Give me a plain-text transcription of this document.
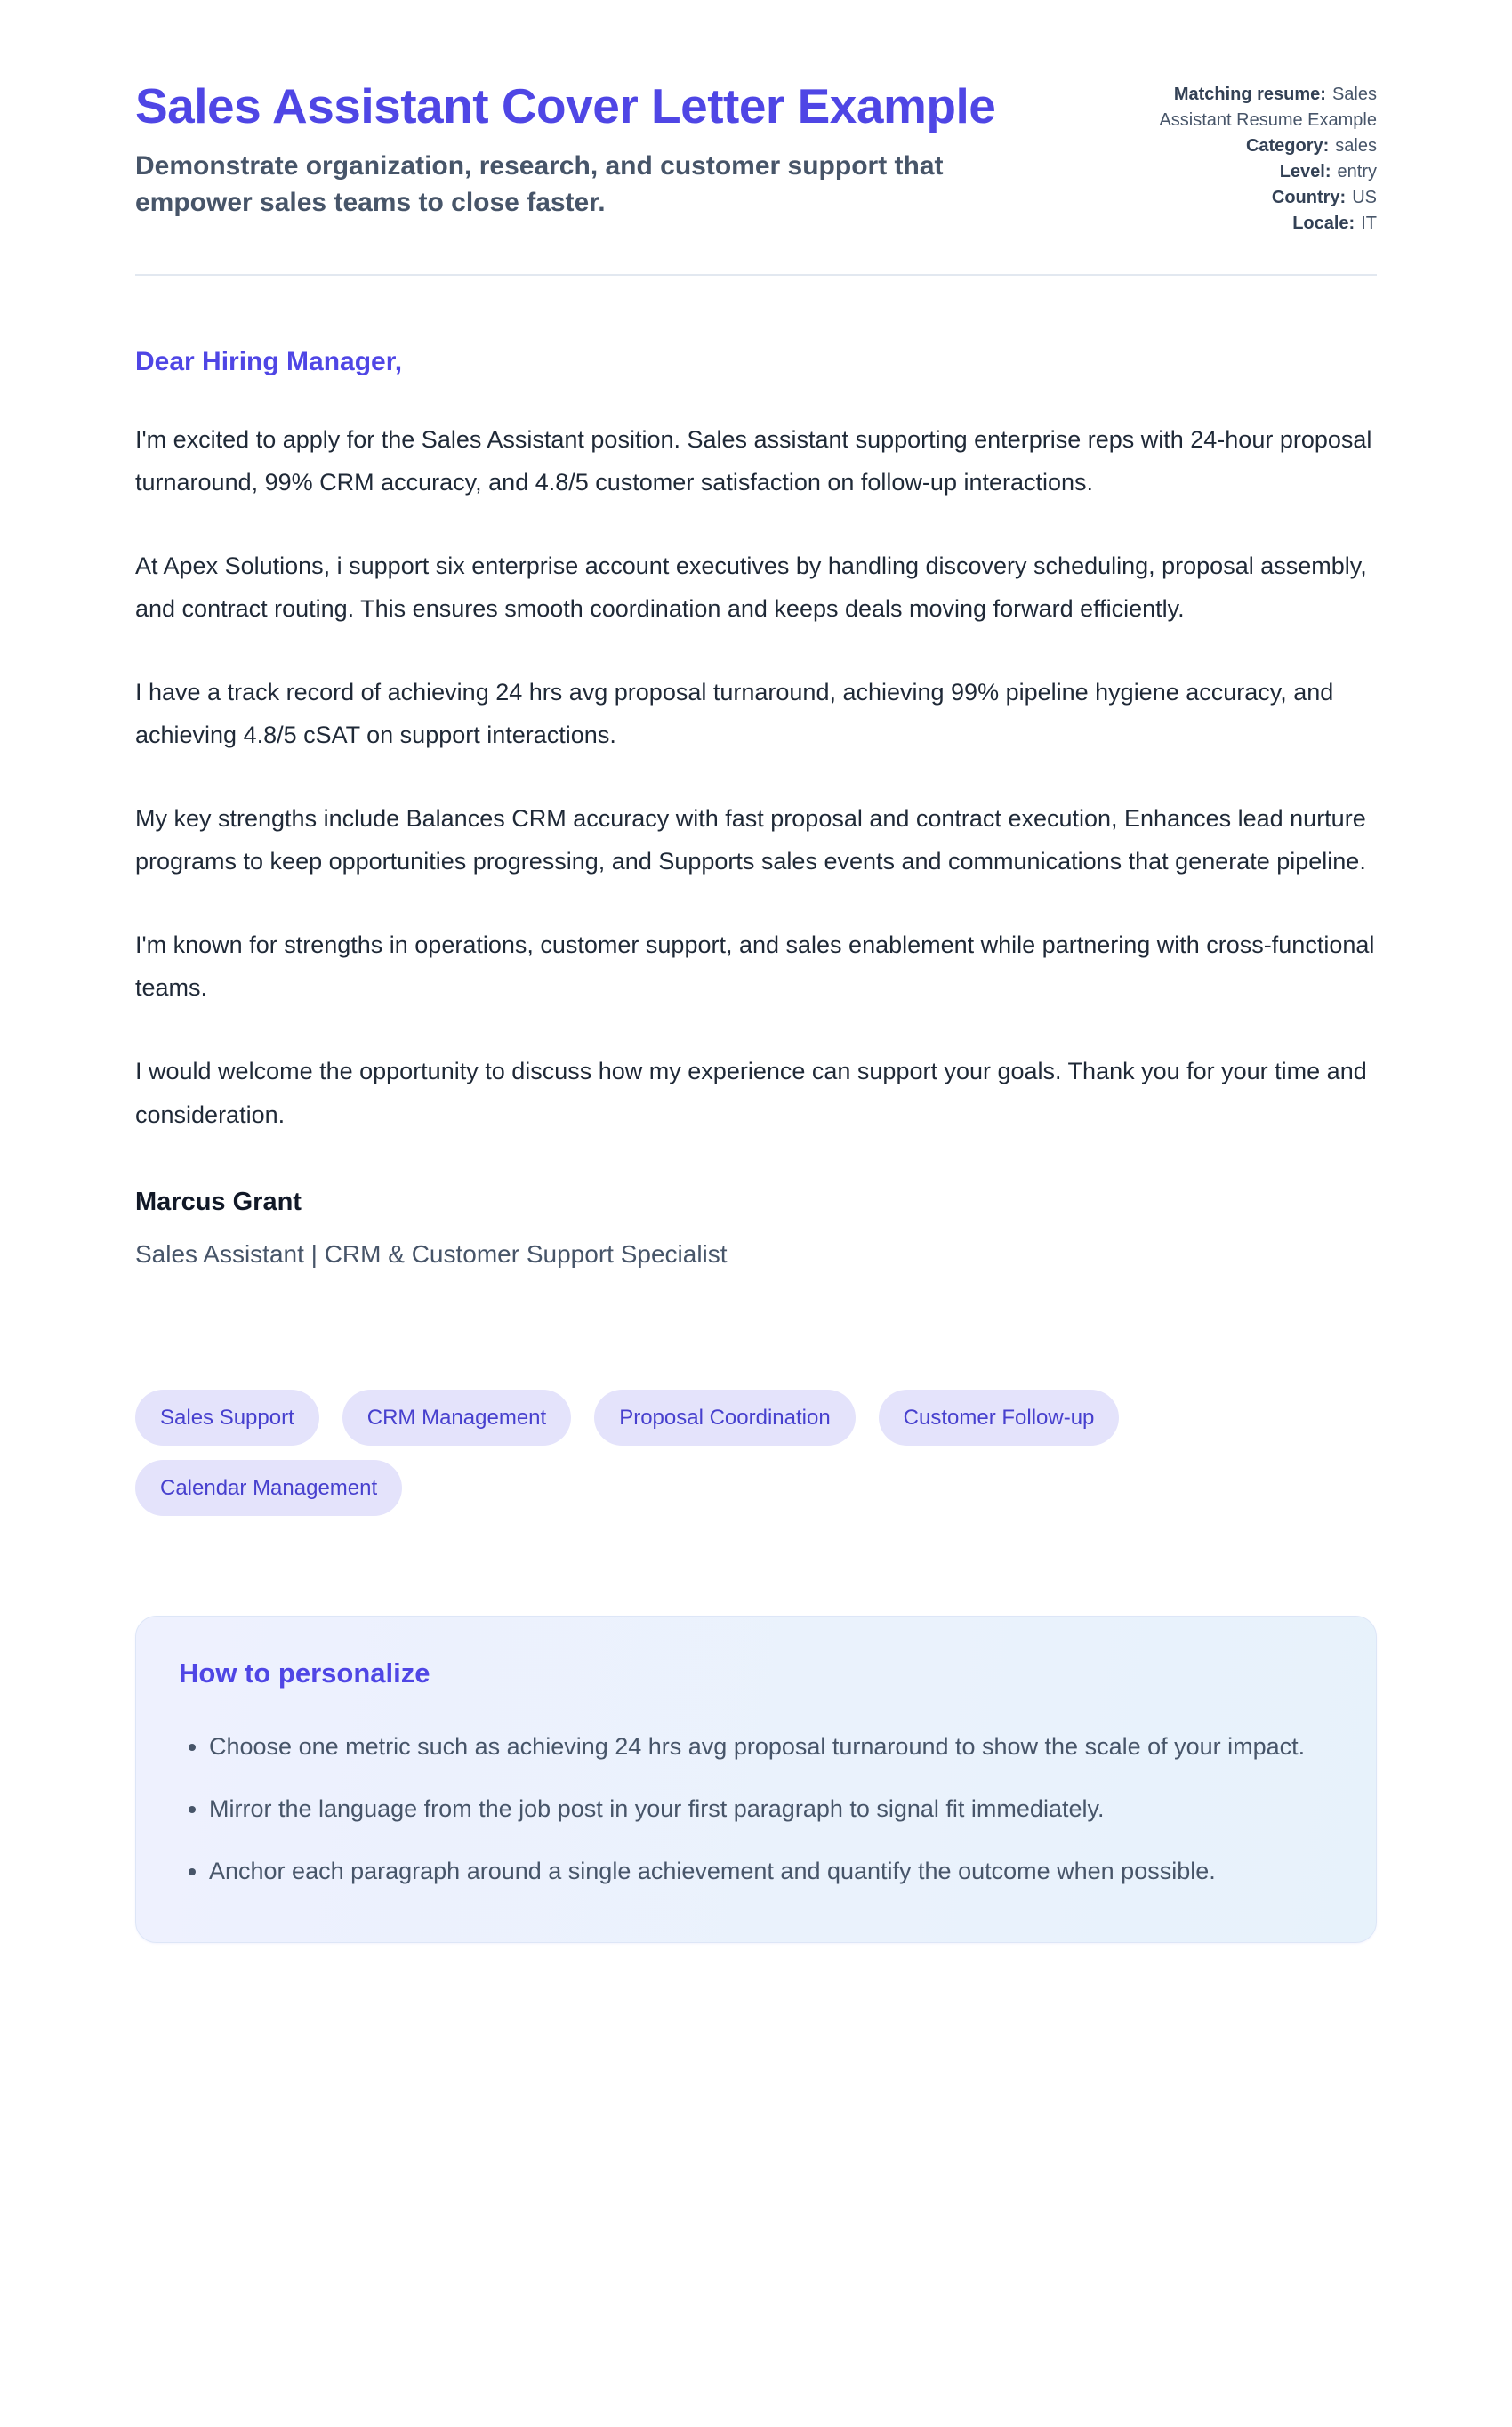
Sales Assistant Cover Letter Example

Demonstrate organization, research, and customer support that empower sales teams to close faster.

Matching resume: Sales Assistant Resume Example
Category: sales
Level: entry
Country: US
Locale: IT

Dear Hiring Manager,

I'm excited to apply for the Sales Assistant position. Sales assistant supporting enterprise reps with 24-hour proposal turnaround, 99% CRM accuracy, and 4.8/5 customer satisfaction on follow-up interactions.

At Apex Solutions, i support six enterprise account executives by handling discovery scheduling, proposal assembly, and contract routing. This ensures smooth coordination and keeps deals moving forward efficiently.

I have a track record of achieving 24 hrs avg proposal turnaround, achieving 99% pipeline hygiene accuracy, and achieving 4.8/5 cSAT on support interactions.

My key strengths include Balances CRM accuracy with fast proposal and contract execution, Enhances lead nurture programs to keep opportunities progressing, and Supports sales events and communications that generate pipeline.

I'm known for strengths in operations, customer support, and sales enablement while partnering with cross-functional teams.

I would welcome the opportunity to discuss how my experience can support your goals. Thank you for your time and consideration.

Marcus Grant

Sales Assistant | CRM & Customer Support Specialist

Sales Support	CRM Management	Proposal Coordination	Customer Follow-up
Calendar Management
How to personalize
• Choose one metric such as achieving 24 hrs avg proposal turnaround to show the scale of your impact.
• Mirror the language from the job post in your first paragraph to signal fit immediately.
• Anchor each paragraph around a single achievement and quantify the outcome when possible.
